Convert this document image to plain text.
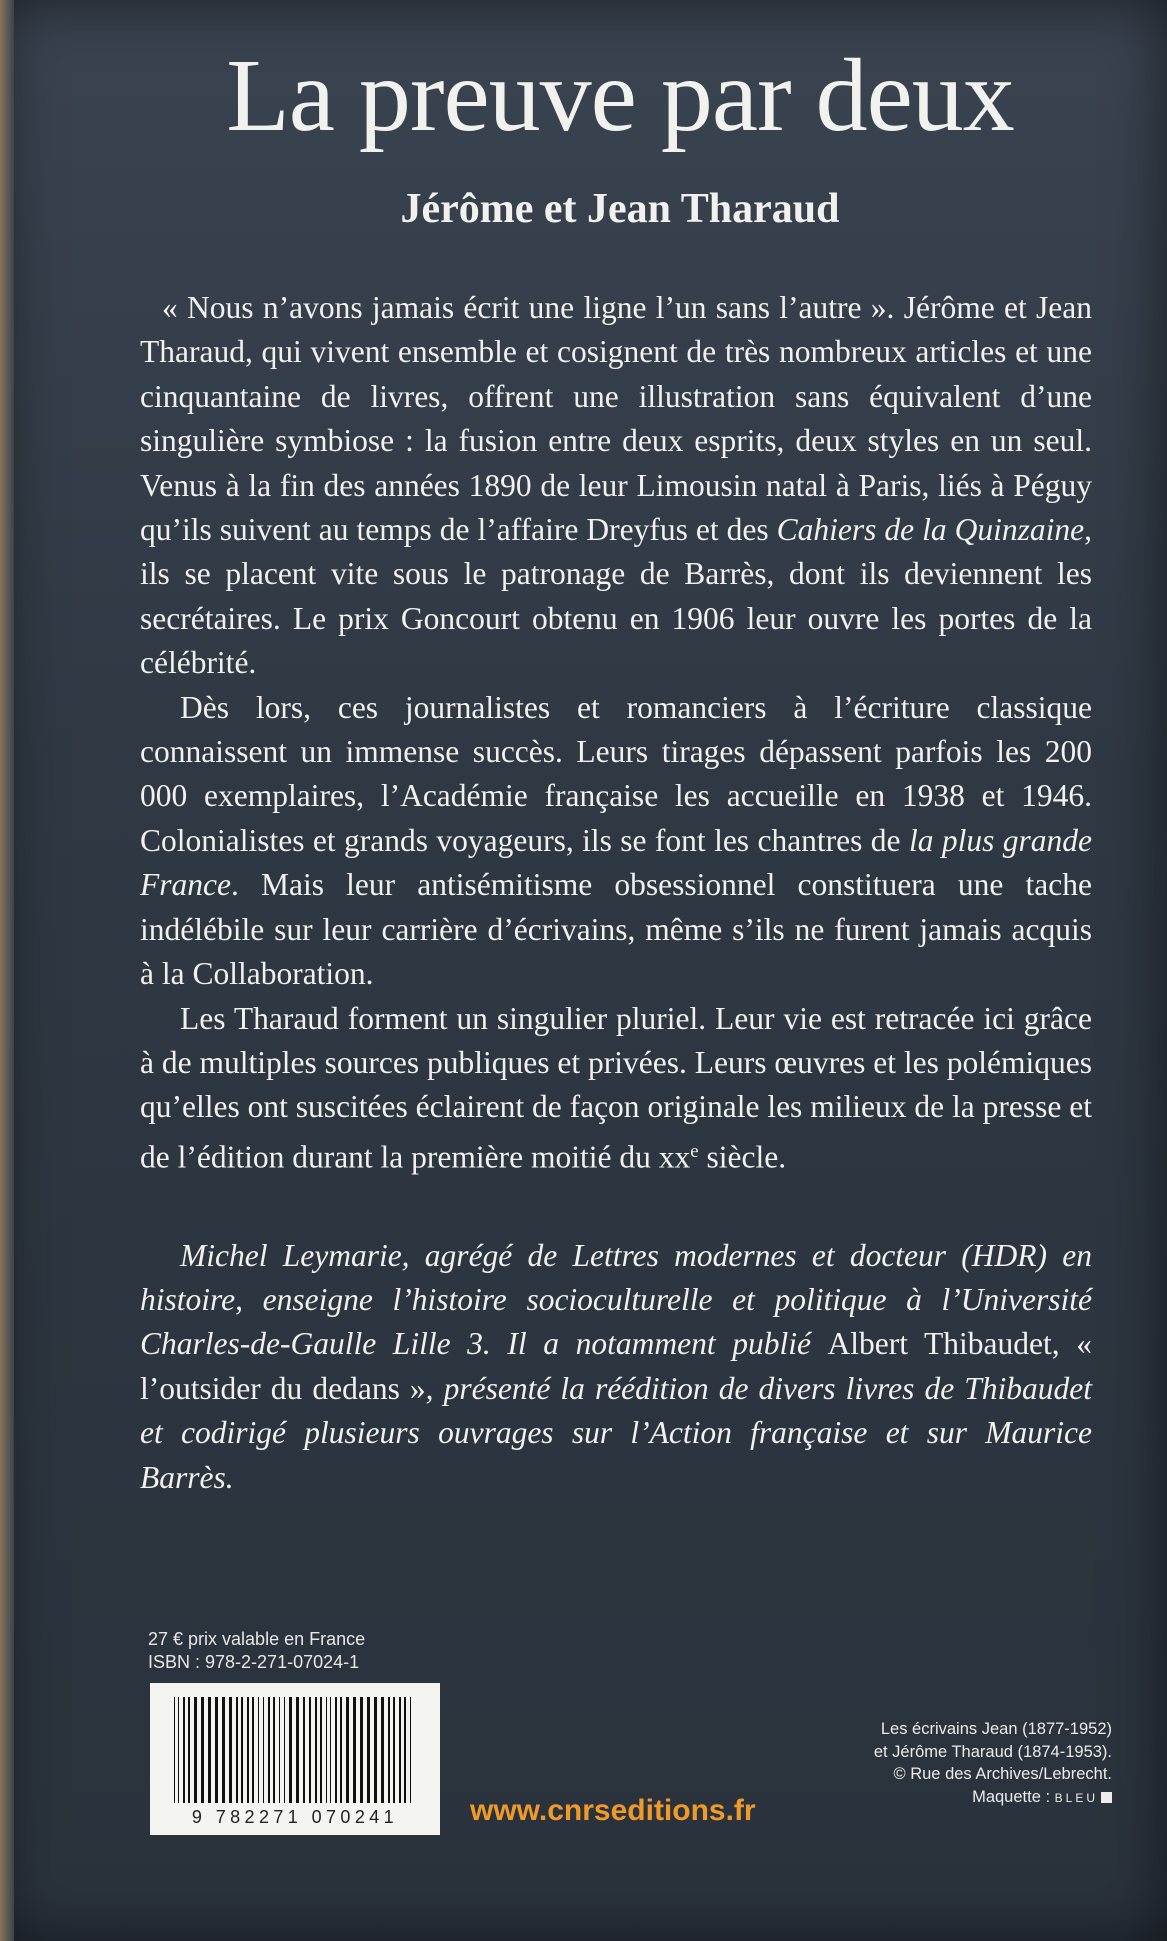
La preuve par deux
Jérôme et Jean Tharaud

« Nous n’avons jamais écrit une ligne l’un sans l’autre ». Jérôme et Jean Tharaud, qui vivent ensemble et cosignent de très nombreux articles et une cinquantaine de livres, offrent une illustration sans équivalent d’une singulière symbiose : la fusion entre deux esprits, deux styles en un seul. Venus à la fin des années 1890 de leur Limousin natal à Paris, liés à Péguy qu’ils suivent au temps de l’affaire Dreyfus et des Cahiers de la Quinzaine, ils se placent vite sous le patronage de Barrès, dont ils deviennent les secrétaires. Le prix Goncourt obtenu en 1906 leur ouvre les portes de la célébrité.

Dès lors, ces journalistes et romanciers à l’écriture classique connaissent un immense succès. Leurs tirages dépassent parfois les 200 000 exemplaires, l’Académie française les accueille en 1938 et 1946. Colonialistes et grands voyageurs, ils se font les chantres de la plus grande France. Mais leur antisémitisme obsessionnel constituera une tache indélébile sur leur carrière d’écrivains, même s’ils ne furent jamais acquis à la Collaboration.

Les Tharaud forment un singulier pluriel. Leur vie est retracée ici grâce à de multiples sources publiques et privées. Leurs œuvres et les polémiques qu’elles ont suscitées éclairent de façon originale les milieux de la presse et de l’édition durant la première moitié du $xx^e$ siècle.

Michel Leymarie, agrégé de Lettres modernes et docteur (HDR) en histoire, enseigne l’histoire socioculturelle et politique à l’Université Charles-de-Gaulle Lille 3. Il a notamment publié Albert Thibaudet, « l’outsider du dedans », présenté la réédition de divers livres de Thibaudet et codirigé plusieurs ouvrages sur l’Action française et sur Maurice Barrès.

27 € prix valable en France
ISBN : 978-2-271-07024-1
9 782271 070241	www.cnrseditions.fr
Les écrivains Jean (1877-1952)
et Jérôme Tharaud (1874-1953).
© Rue des Archives/Lebrecht.
Maquette : BLEU
